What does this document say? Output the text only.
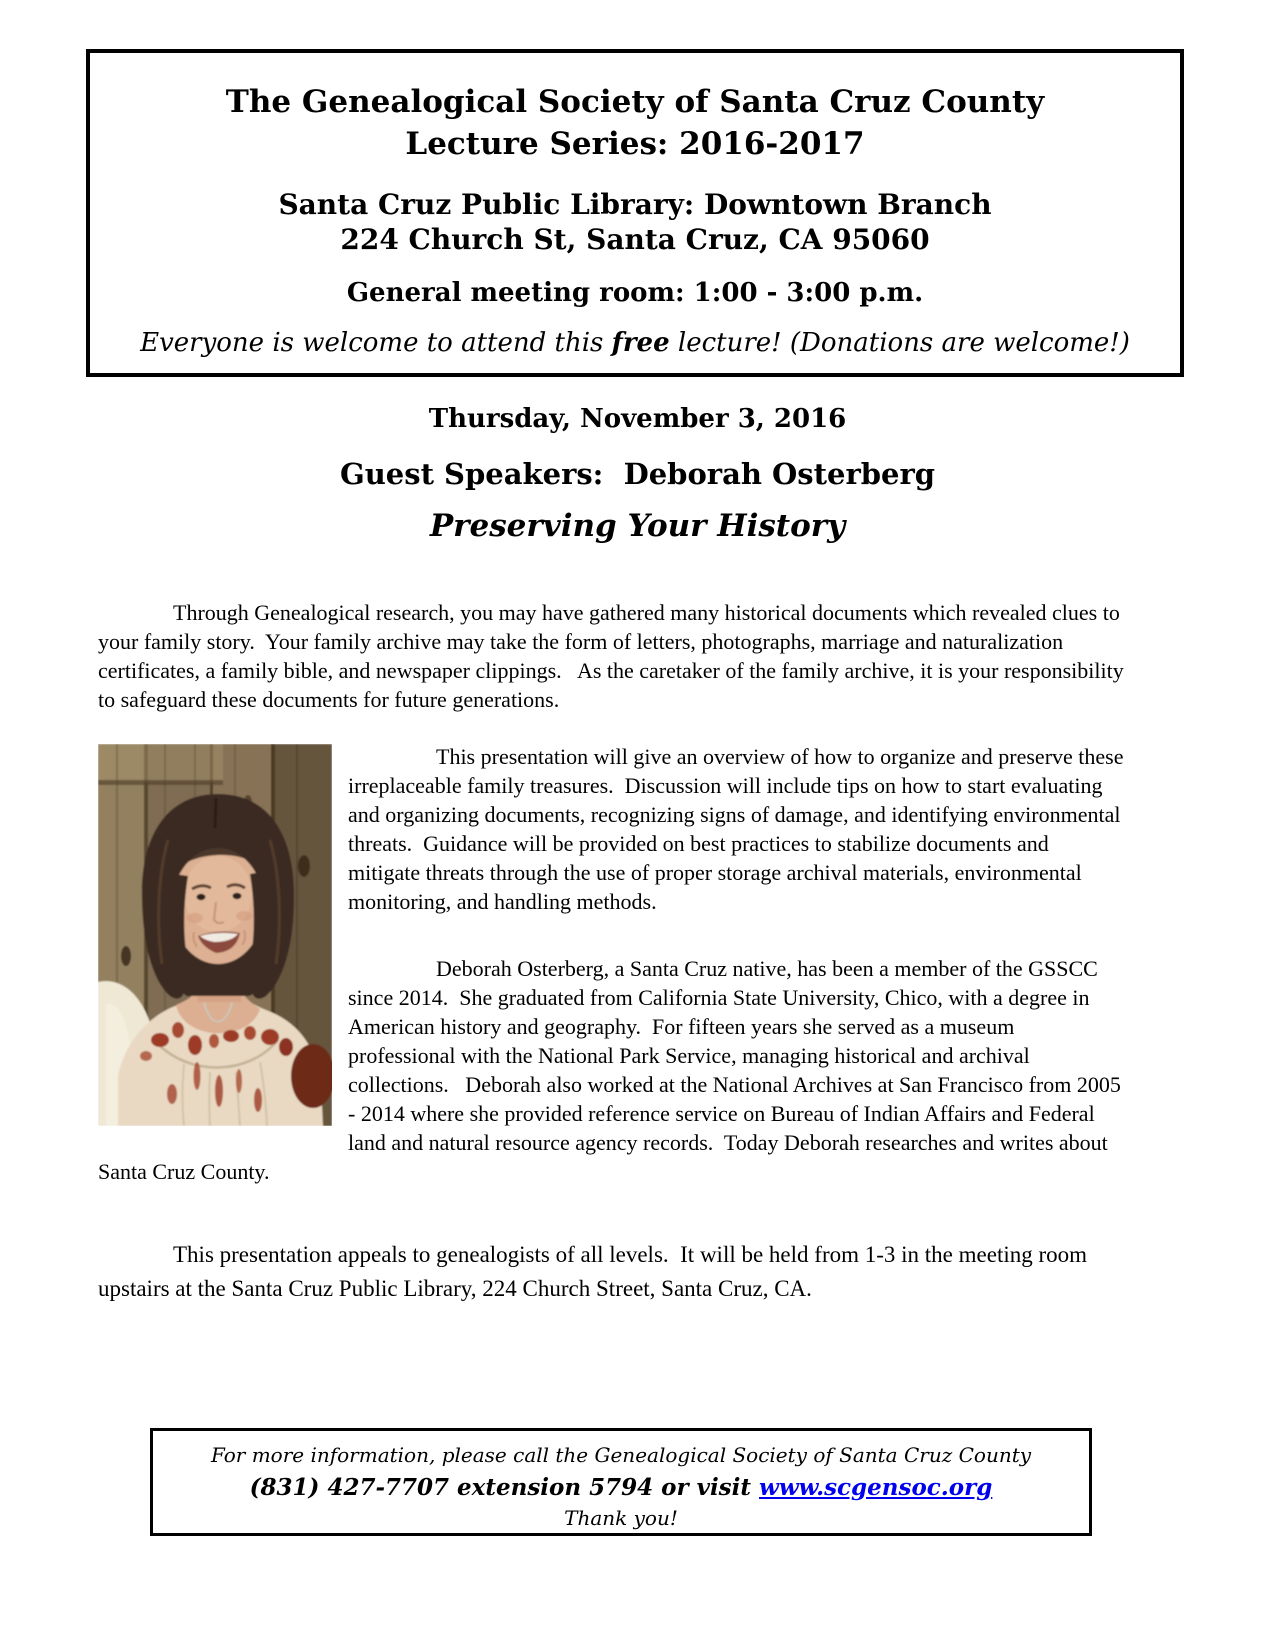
The Genealogical Society of Santa Cruz County
Lecture Series: 2016-2017
Santa Cruz Public Library: Downtown Branch
224 Church St, Santa Cruz, CA 95060
General meeting room: 1:00 - 3:00 p.m.
Everyone is welcome to attend this free lecture! (Donations are welcome!)
Thursday, November 3, 2016
Guest Speakers:  Deborah Osterberg
Preserving Your History

Through Genealogical research, you may have gathered many historical documents which revealed clues to your family story.  Your family archive may take the form of letters, photographs, marriage and naturalization certificates, a family bible, and newspaper clippings.   As the caretaker of the family archive, it is your responsibility to safeguard these documents for future generations.

This presentation will give an overview of how to organize and preserve these irreplaceable family treasures.  Discussion will include tips on how to start evaluating and organizing documents, recognizing signs of damage, and identifying environmental threats.  Guidance will be provided on best practices to stabilize documents and mitigate threats through the use of proper storage archival materials, environmental monitoring, and handling methods.

Deborah Osterberg, a Santa Cruz native, has been a member of the GSSCC since 2014.  She graduated from California State University, Chico, with a degree in American history and geography.  For fifteen years she served as a museum professional with the National Park Service, managing historical and archival collections.   Deborah also worked at the National Archives at San Francisco from 2005 - 2014 where she provided reference service on Bureau of Indian Affairs and Federal land and natural resource agency records.  Today Deborah researches and writes about Santa Cruz County.

This presentation appeals to genealogists of all levels.  It will be held from 1-3 in the meeting room upstairs at the Santa Cruz Public Library, 224 Church Street, Santa Cruz, CA.

For more information, please call the Genealogical Society of Santa Cruz County
(831) 427-7707 extension 5794 or visit www.scgensoc.org
Thank you!
